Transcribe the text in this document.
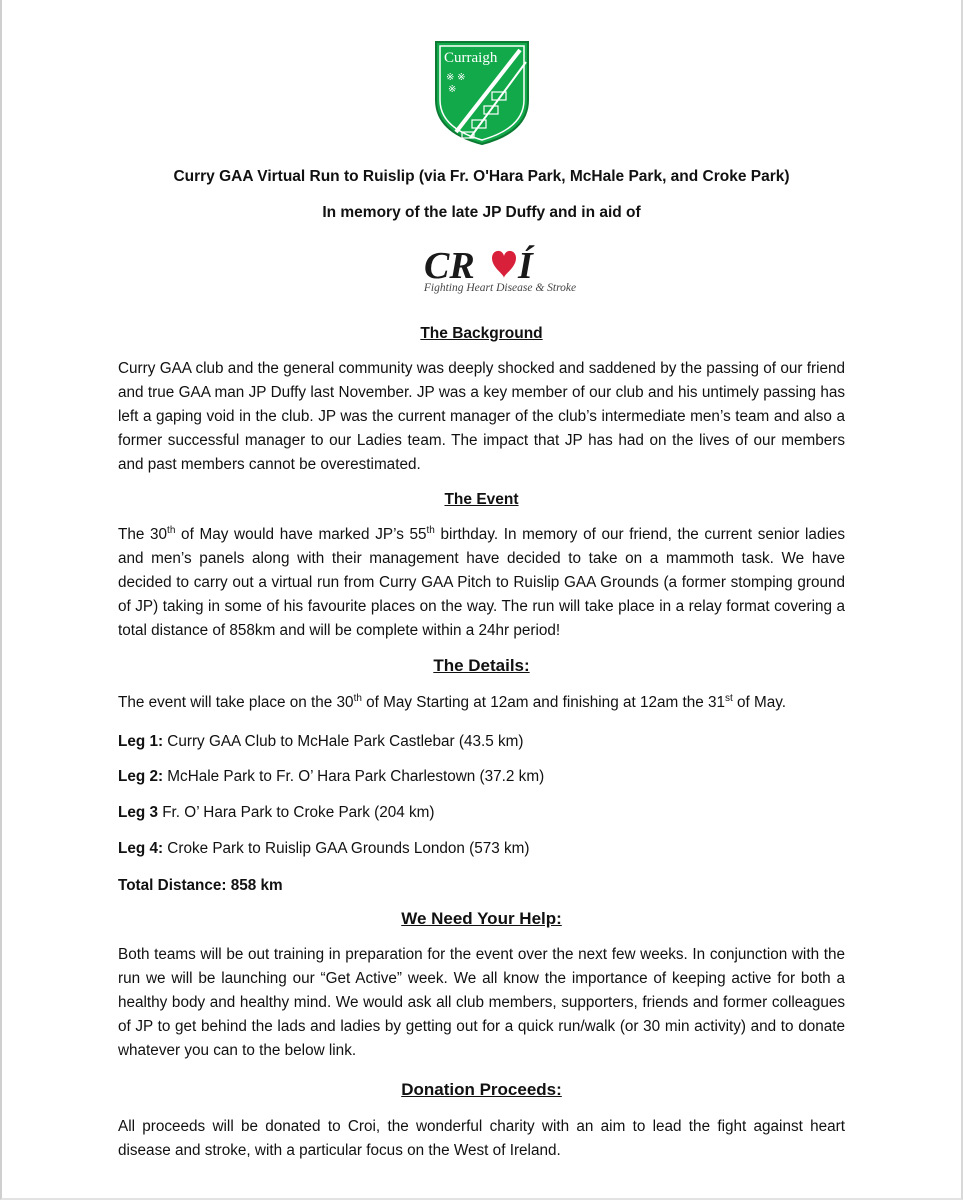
Curraigh
※ ※
※
Curry GAA Virtual Run to Ruislip (via Fr. O'Hara Park, McHale Park, and Croke Park)
In memory of the late JP Duffy and in aid of
CR Í
Fighting Heart Disease & Stroke
The Background
Curry GAA club and the general community was deeply shocked and saddened by the passing of our friend and true GAA man JP Duffy last November. JP was a key member of our club and his untimely passing has left a gaping void in the club. JP was the current manager of the club’s intermediate men’s team and also a former successful manager to our Ladies team. The impact that JP has had on the lives of our members and past members cannot be overestimated.
The Event
The 30th of May would have marked JP’s 55th birthday. In memory of our friend, the current senior ladies and men’s panels along with their management have decided to take on a mammoth task. We have decided to carry out a virtual run from Curry GAA Pitch to Ruislip GAA Grounds (a former stomping ground of JP) taking in some of his favourite places on the way. The run will take place in a relay format covering a total distance of 858km and will be complete within a 24hr period!
The Details:
The event will take place on the 30th of May Starting at 12am and finishing at 12am the 31st of May.
Leg 1: Curry GAA Club to McHale Park Castlebar (43.5 km)
Leg 2: McHale Park to Fr. O’ Hara Park Charlestown (37.2 km)
Leg 3 Fr. O’ Hara Park to Croke Park (204 km)
Leg 4: Croke Park to Ruislip GAA Grounds London (573 km)
Total Distance: 858 km
We Need Your Help:
Both teams will be out training in preparation for the event over the next few weeks. In conjunction with the run we will be launching our “Get Active” week. We all know the importance of keeping active for both a healthy body and healthy mind. We would ask all club members, supporters, friends and former colleagues of JP to get behind the lads and ladies by getting out for a quick run/walk (or 30 min activity) and to donate whatever you can to the below link.
Donation Proceeds:
All proceeds will be donated to Croi, the wonderful charity with an aim to lead the fight against heart disease and stroke, with a particular focus on the West of Ireland.
